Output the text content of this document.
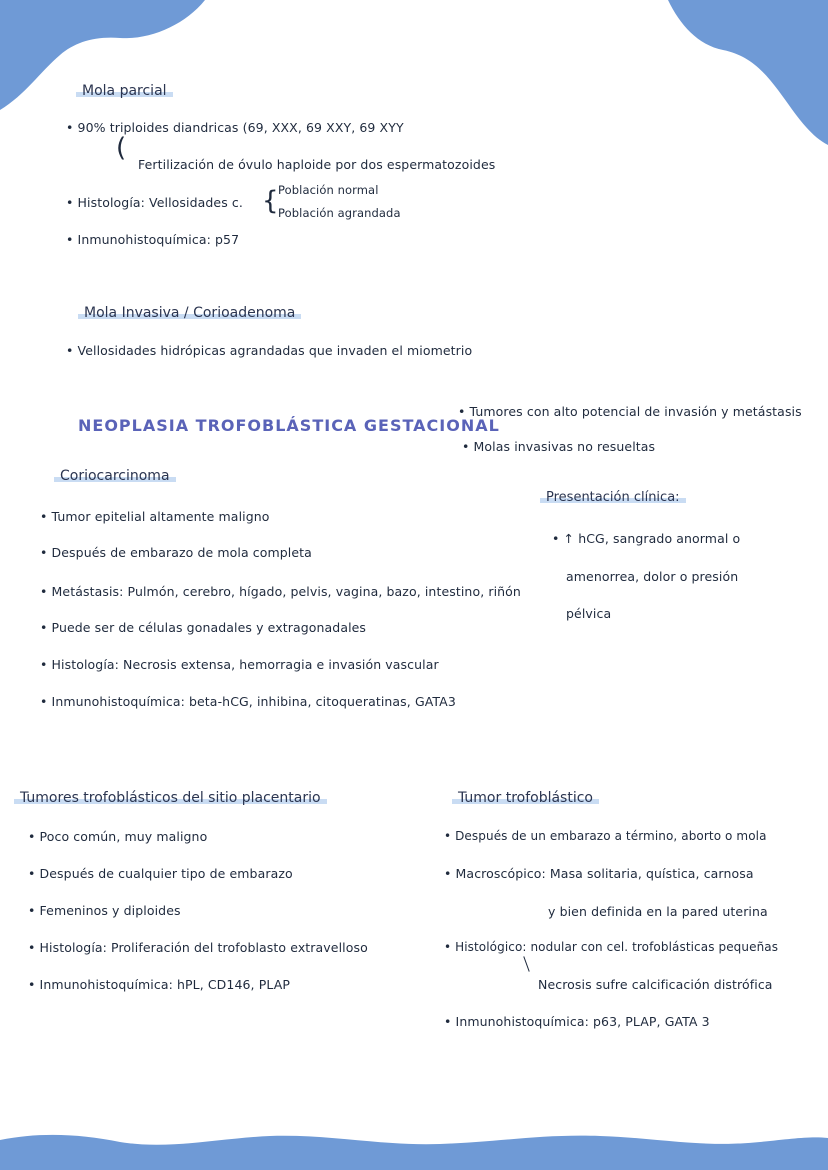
Mola parcial
• 90% triploides diandricas (69, XXX, 69 XXY, 69 XYY
(
Fertilización de óvulo haploide por dos espermatozoides
• Histología: Vellosidades c. { Población normal
Población agrandada
• Inmunohistoquímica: p57
Mola Invasiva / Corioadenoma
• Vellosidades hidrópicas agrandadas que invaden el miometrio
NEOPLASIA TROFOBLÁSTICA GESTACIONAL
• Tumores con alto potencial de invasión y metástasis
• Molas invasivas no resueltas
Coriocarcinoma
• Tumor epitelial altamente maligno
• Después de embarazo de mola completa
• Metástasis: Pulmón, cerebro, hígado, pelvis, vagina, bazo, intestino, riñón
• Puede ser de células gonadales y extragonadales
• Histología: Necrosis extensa, hemorragia e invasión vascular
• Inmunohistoquímica: beta-hCG, inhibina, citoqueratinas, GATA3
Presentación clínica:
• ↑ hCG, sangrado anormal o
amenorrea, dolor o presión
pélvica
Tumores trofoblásticos del sitio placentario
• Poco común, muy maligno
• Después de cualquier tipo de embarazo
• Femeninos y diploides
• Histología: Proliferación del trofoblasto extravelloso
• Inmunohistoquímica: hPL, CD146, PLAP
Tumor trofoblástico
• Después de un embarazo a término, aborto o mola
• Macroscópico: Masa solitaria, quística, carnosa
y bien definida en la pared uterina
• Histológico: nodular con cel. trofoblásticas pequeñas
Necrosis sufre calcificación distrófica
• Inmunohistoquímica: p63, PLAP, GATA 3
